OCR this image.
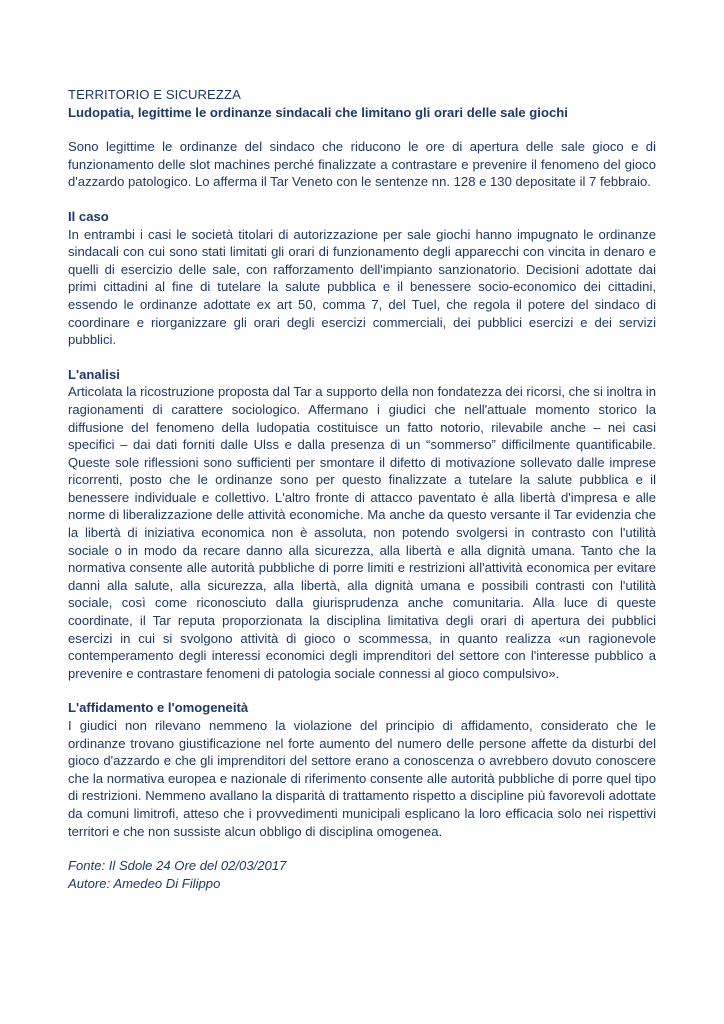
TERRITORIO E SICUREZZA
Ludopatia, legittime le ordinanze sindacali che limitano gli orari delle sale giochi

Sono legittime le ordinanze del sindaco che riducono le ore di apertura delle sale gioco e di funzionamento delle slot machines perché finalizzate a contrastare e prevenire il fenomeno del gioco d'azzardo patologico. Lo afferma il Tar Veneto con le sentenze nn. 128 e 130 depositate il 7 febbraio.

Il caso

In entrambi i casi le società titolari di autorizzazione per sale giochi hanno impugnato le ordinanze sindacali con cui sono stati limitati gli orari di funzionamento degli apparecchi con vincita in denaro e quelli di esercizio delle sale, con rafforzamento dell'impianto sanzionatorio. Decisioni adottate dai primi cittadini al fine di tutelare la salute pubblica e il benessere socio-economico dei cittadini, essendo le ordinanze adottate ex art 50, comma 7, del Tuel, che regola il potere del sindaco di coordinare e riorganizzare gli orari degli esercizi commerciali, dei pubblici esercizi e dei servizi pubblici.

L'analisi

Articolata la ricostruzione proposta dal Tar a supporto della non fondatezza dei ricorsi, che si inoltra in ragionamenti di carattere sociologico. Affermano i giudici che nell'attuale momento storico la diffusione del fenomeno della ludopatia costituisce un fatto notorio, rilevabile anche – nei casi specifici – dai dati forniti dalle Ulss e dalla presenza di un “sommerso” difficilmente quantificabile. Queste sole riflessioni sono sufficienti per smontare il difetto di motivazione sollevato dalle imprese ricorrenti, posto che le ordinanze sono per questo finalizzate a tutelare la salute pubblica e il benessere individuale e collettivo. L'altro fronte di attacco paventato è alla libertà d'impresa e alle norme di liberalizzazione delle attività economiche. Ma anche da questo versante il Tar evidenzia che la libertà di iniziativa economica non è assoluta, non potendo svolgersi in contrasto con l'utilità sociale o in modo da recare danno alla sicurezza, alla libertà e alla dignità umana. Tanto che la normativa consente alle autorità pubbliche di porre limiti e restrizioni all'attività economica per evitare danni alla salute, alla sicurezza, alla libertà, alla dignità umana e possibili contrasti con l'utilità sociale, così come riconosciuto dalla giurisprudenza anche comunitaria. Alla luce di queste coordinate, il Tar reputa proporzionata la disciplina limitativa degli orari di apertura dei pubblici esercizi in cui si svolgono attività di gioco o scommessa, in quanto realizza «un ragionevole contemperamento degli interessi economici degli imprenditori del settore con l'interesse pubblico a prevenire e contrastare fenomeni di patologia sociale connessi al gioco compulsivo».

L'affidamento e l'omogeneità

I giudici non rilevano nemmeno la violazione del principio di affidamento, considerato che le ordinanze trovano giustificazione nel forte aumento del numero delle persone affette da disturbi del gioco d'azzardo e che gli imprenditori del settore erano a conoscenza o avrebbero dovuto conoscere che la normativa europea e nazionale di riferimento consente alle autorità pubbliche di porre quel tipo di restrizioni. Nemmeno avallano la disparità di trattamento rispetto a discipline più favorevoli adottate da comuni limitrofi, atteso che i provvedimenti municipali esplicano la loro efficacia solo nei rispettivi territori e che non sussiste alcun obbligo di disciplina omogenea.

Fonte: Il Sdole 24 Ore del 02/03/2017
Autore: Amedeo Di Filippo
